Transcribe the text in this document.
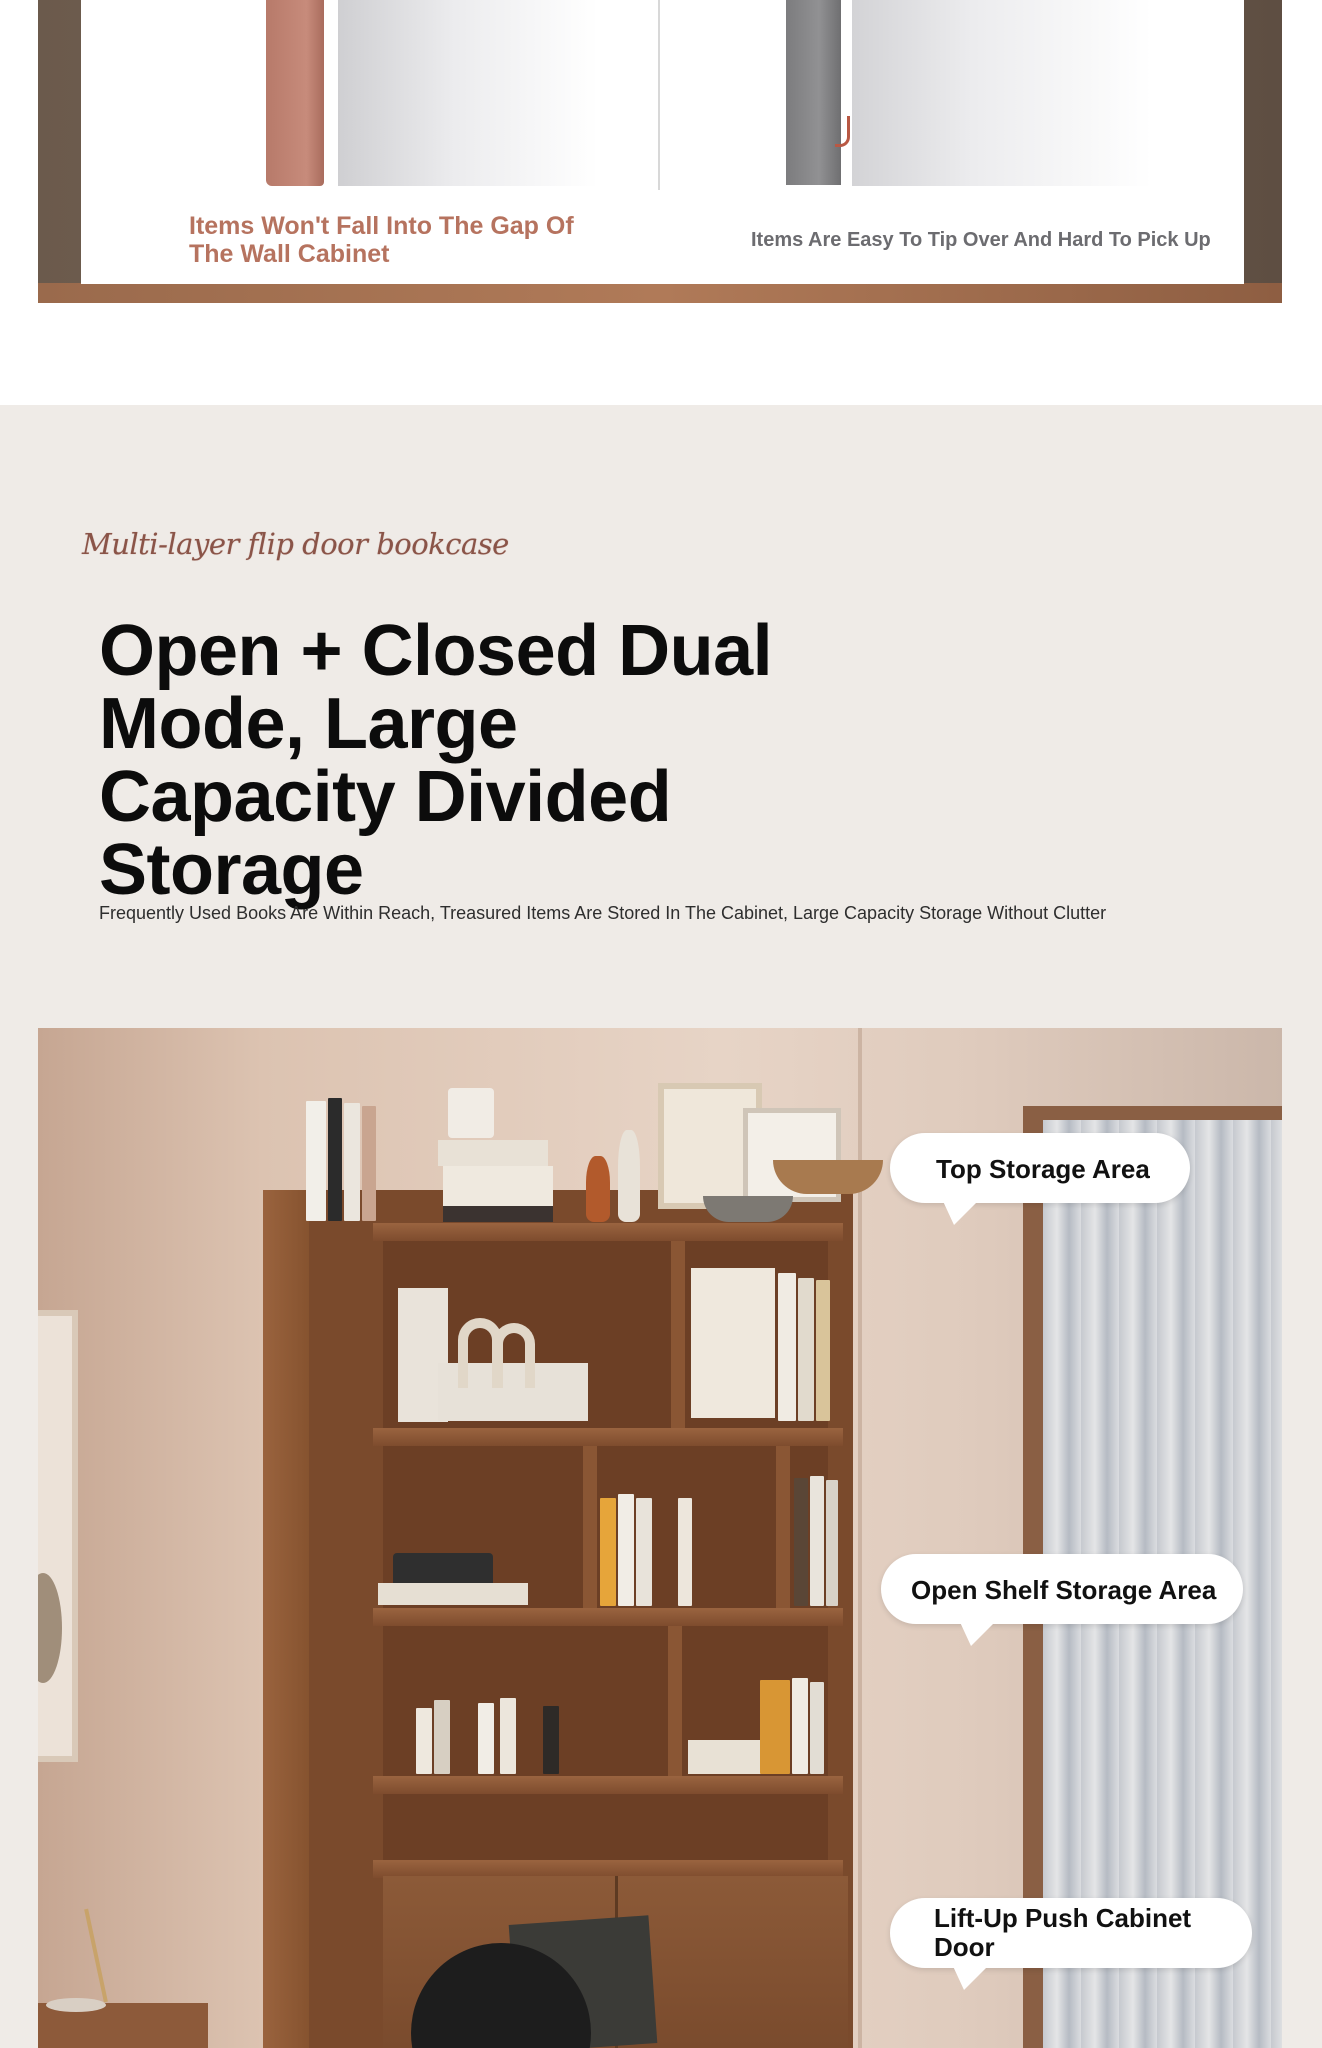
Items Won't Fall Into The Gap Of The Wall Cabinet	Items Are Easy To Tip Over And Hard To Pick Up

Multi-layer flip door bookcase

Open + Closed Dual Mode, Large Capacity Divided Storage

Frequently Used Books Are Within Reach, Treasured Items Are Stored In The Cabinet, Large Capacity Storage Without Clutter

Top Storage Area

Open Shelf Storage Area

Lift-Up Push Cabinet Door
